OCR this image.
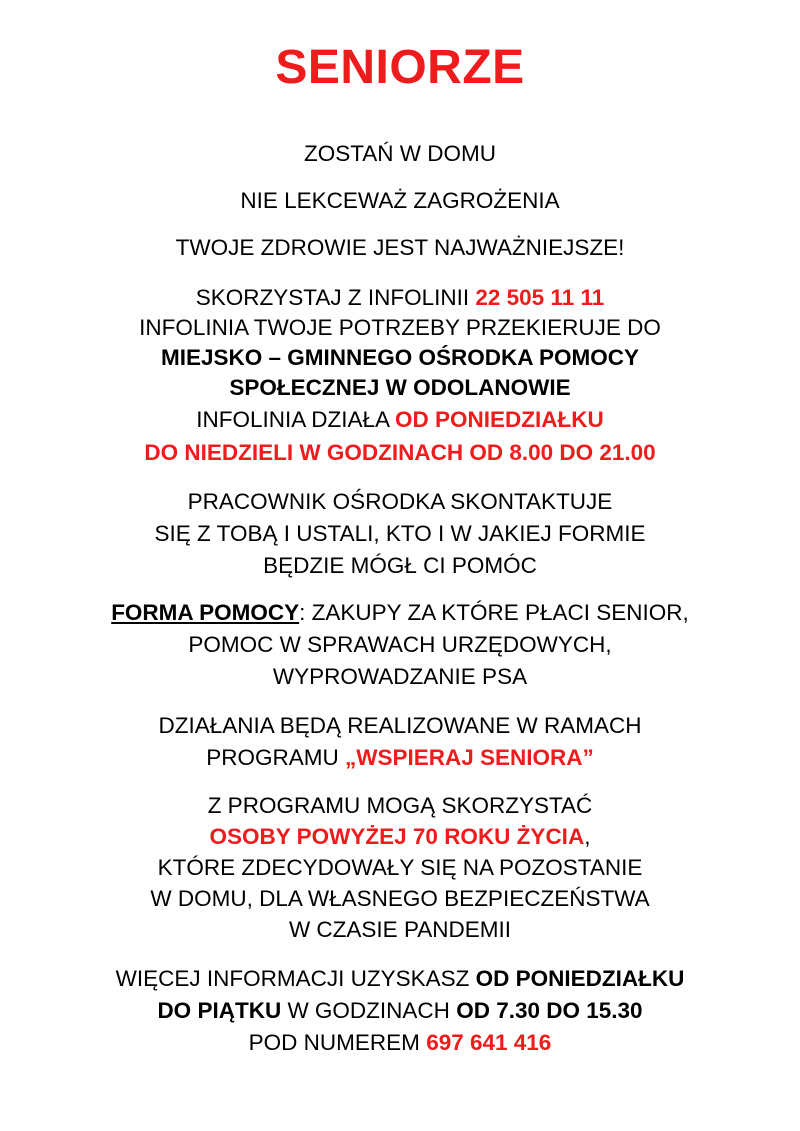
SENIORZE
ZOSTAŃ W DOMU
NIE LEKCEWAŻ ZAGROŻENIA
TWOJE ZDROWIE JEST NAJWAŻNIEJSZE!
SKORZYSTAJ Z INFOLINII 22 505 11 11
INFOLINIA TWOJE POTRZEBY PRZEKIERUJE DO
MIEJSKO – GMINNEGO OŚRODKA POMOCY
SPOŁECZNEJ W ODOLANOWIE
INFOLINIA DZIAŁA OD PONIEDZIAŁKU
DO NIEDZIELI W GODZINACH OD 8.00 DO 21.00
PRACOWNIK OŚRODKA SKONTAKTUJE
SIĘ Z TOBĄ I USTALI, KTO I W JAKIEJ FORMIE
BĘDZIE MÓGŁ CI POMÓC
FORMA POMOCY: ZAKUPY ZA KTÓRE PŁACI SENIOR,
POMOC W SPRAWACH URZĘDOWYCH,
WYPROWADZANIE PSA
DZIAŁANIA BĘDĄ REALIZOWANE W RAMACH
PROGRAMU „WSPIERAJ SENIORA”
Z PROGRAMU MOGĄ SKORZYSTAĆ
OSOBY POWYŻEJ 70 ROKU ŻYCIA,
KTÓRE ZDECYDOWAŁY SIĘ NA POZOSTANIE
W DOMU, DLA WŁASNEGO BEZPIECZEŃSTWA
W CZASIE PANDEMII
WIĘCEJ INFORMACJI UZYSKASZ OD PONIEDZIAŁKU
DO PIĄTKU W GODZINACH OD 7.30 DO 15.30
POD NUMEREM 697 641 416
